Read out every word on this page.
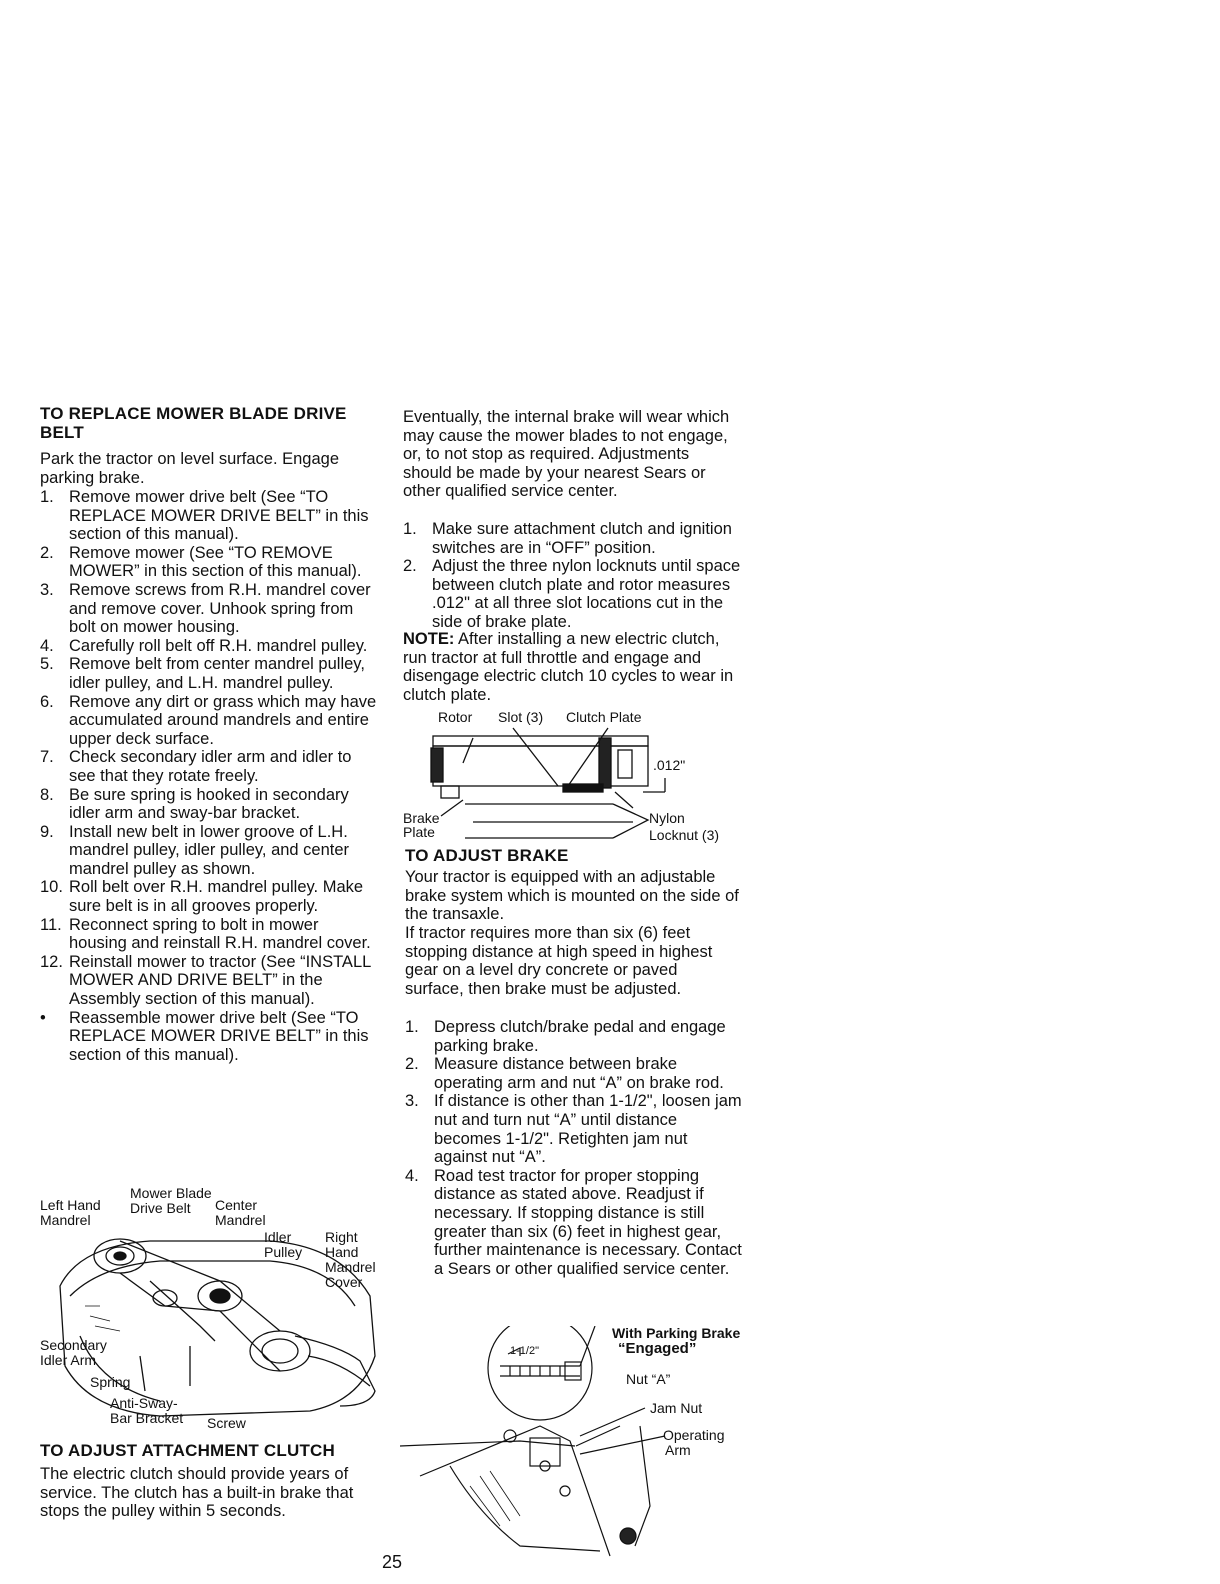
TO REPLACE MOWER BLADE DRIVE BELT
Park the tractor on level surface. Engage parking brake.
1. Remove mower drive belt (See “TO REPLACE MOWER DRIVE BELT” in this section of this manual).
2. Remove mower (See “TO REMOVE MOWER” in this section of this manual).
3. Remove screws from R.H. mandrel cover and remove cover. Unhook spring from bolt on mower housing.
4. Carefully roll belt off R.H. mandrel pulley.
5. Remove belt from center mandrel pulley, idler pulley, and L.H. mandrel pulley.
6. Remove any dirt or grass which may have accumulated around mandrels and entire upper deck surface.
7. Check secondary idler arm and idler to see that they rotate freely.
8. Be sure spring is hooked in secondary idler arm and sway-bar bracket.
9. Install new belt in lower groove of L.H. mandrel pulley, idler pulley, and center mandrel pulley as shown.
10. Roll belt over R.H. mandrel pulley. Make sure belt is in all grooves properly.
11. Reconnect spring to bolt in mower housing and reinstall R.H. mandrel cover.
12. Reinstall mower to tractor (See “INSTALL MOWER AND DRIVE BELT” in the Assembly section of this manual).
• Reassemble mower drive belt (See “TO REPLACE MOWER DRIVE BELT” in this section of this manual).
Mower Blade Drive Belt
Left Hand Mandrel
Center Mandrel
Idler Pulley
Right Hand Mandrel Cover
Secondary Idler Arm
Spring
Anti-Sway-
Bar Bracket Screw
TO ADJUST ATTACHMENT CLUTCH
The electric clutch should provide years of service. The clutch has a built-in brake that stops the pulley within 5 seconds.
Eventually, the internal brake will wear which may cause the mower blades to not engage, or, to not stop as required. Adjustments should be made by your nearest Sears or other qualified service center.
1. Make sure attachment clutch and ignition switches are in “OFF” position.
2. Adjust the three nylon locknuts until space between clutch plate and rotor measures .012" at all three slot locations cut in the side of brake plate.
NOTE: After installing a new electric clutch, run tractor at full throttle and engage and disengage electric clutch 10 cycles to wear in clutch plate.
Rotor Slot (3) Clutch Plate
.012"
Brake
Plate
Nylon
Locknut (3)
TO ADJUST BRAKE
Your tractor is equipped with an adjustable brake system which is mounted on the side of the transaxle.
If tractor requires more than six (6) feet stopping distance at high speed in highest gear on a level dry concrete or paved surface, then brake must be adjusted.
1. Depress clutch/brake pedal and engage parking brake.
2. Measure distance between brake operating arm and nut “A” on brake rod.
3. If distance is other than 1-1/2", loosen jam nut and turn nut “A” until distance becomes 1-1/2". Retighten jam nut against nut “A”.
4. Road test tractor for proper stopping distance as stated above. Readjust if necessary. If stopping distance is still greater than six (6) feet in highest gear, further maintenance is necessary. Contact a Sears or other qualified service center.
1-1/2"
With Parking Brake
“Engaged”
Nut “A”
Jam Nut
Operating
Arm
25
